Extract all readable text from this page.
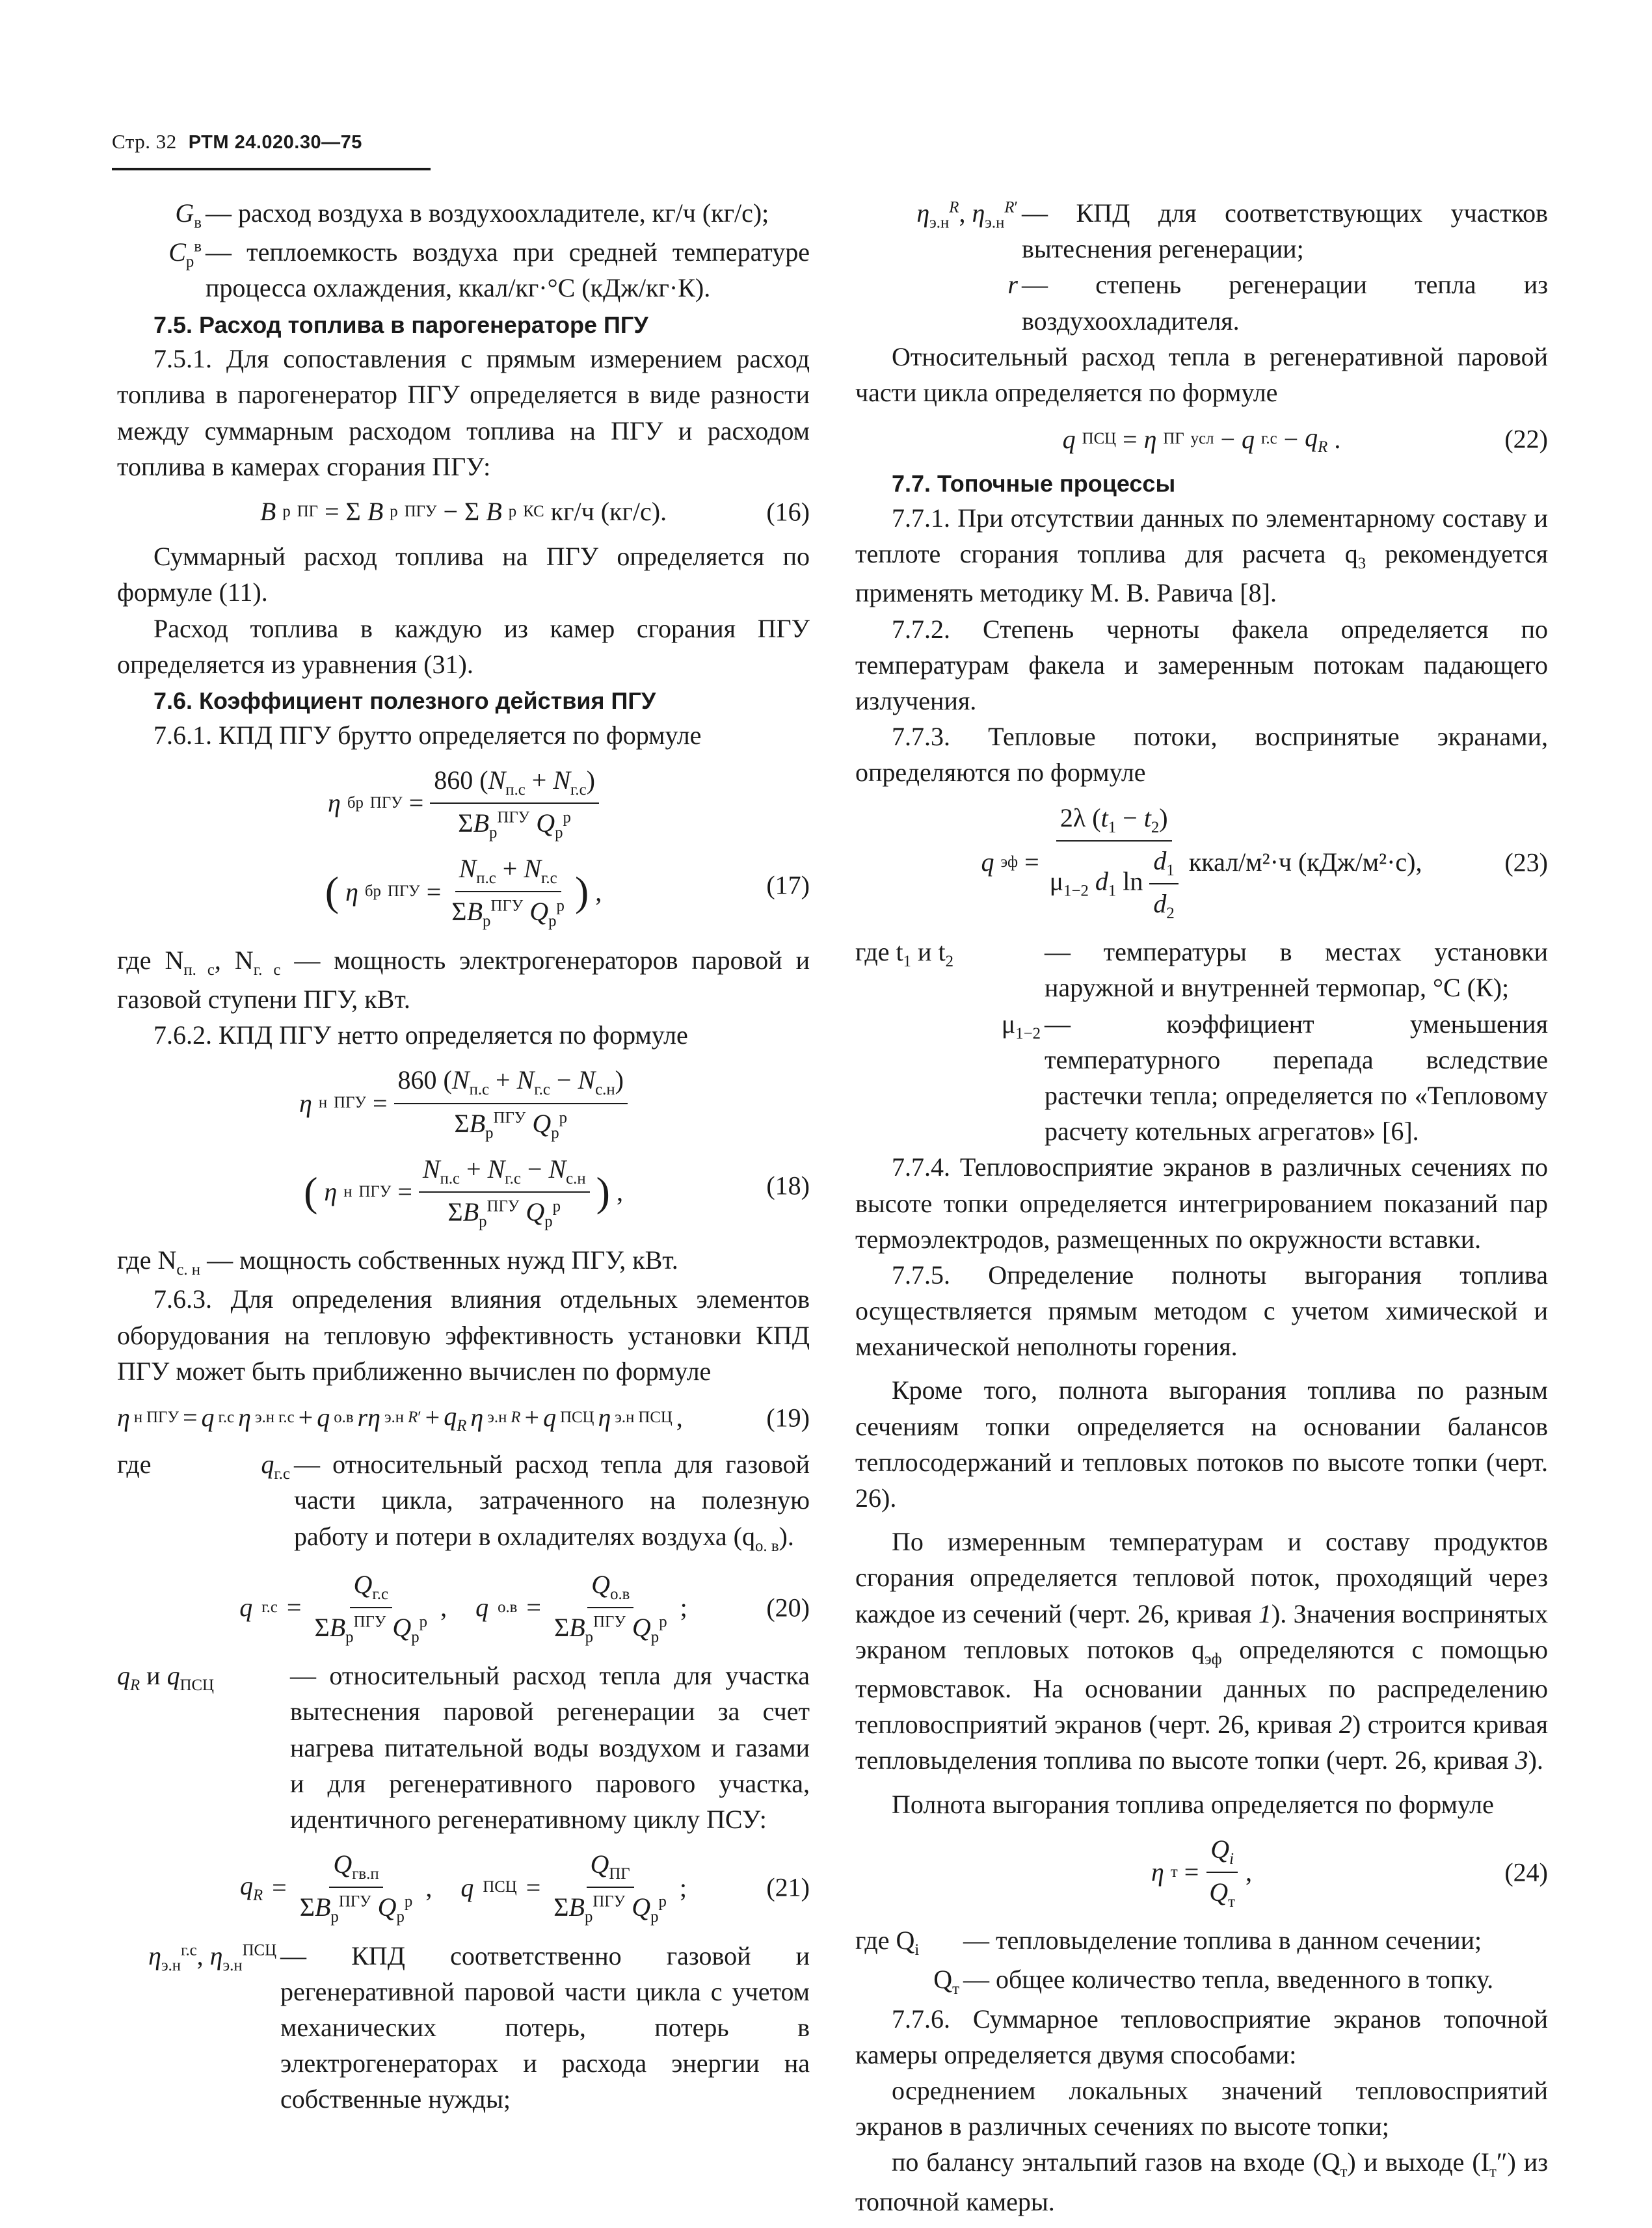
Стр. 32 РТМ 24.020.30—75
$G_в$ — расход воздуха в воздухоохладителе, кг/ч (кг/с);
$C_p^в$ — теплоемкость воздуха при средней температуре процесса охлаждения, ккал/кг·°С (кДж/кг·К).

7.5. Расход топлива в парогенераторе ПГУ

7.5.1. Для сопоставления с прямым измерением расход топлива в парогенератор ПГУ определяется в виде разности между суммарным расходом топлива на ПГУ и расходом топлива в камерах сгорания ПГУ:

B р ПГ = Σ B р ПГУ − Σ B р КС кг/ч (кг/с).	(16)

Суммарный расход топлива на ПГУ определяется по формуле (11).

Расход топлива в каждую из камер сгорания ПГУ определяется из уравнения (31).

7.6. Коэффициент полезного действия ПГУ

7.6.1. КПД ПГУ брутто определяется по формуле

η бр ПГУ = $\frac{860 (N_{п.с} + N_{г.с})}{\Sigma B_р^{ПГУ} Q_р^р}$
( η бр ПГУ = $\frac{N_{п.с} + N_{г.с}}{\Sigma B_р^{ПГУ} Q_р^р}$ ) ,	(17)

где $N_{п. с}$, $N_{г. с}$ — мощность электрогенераторов паровой и газовой ступени ПГУ, кВт.

7.6.2. КПД ПГУ нетто определяется по формуле

η н ПГУ = $\frac{860 (N_{п.с} + N_{г.с} - N_{с.н})}{\Sigma B_р^{ПГУ} Q_р^р}$
( η н ПГУ = $\frac{N_{п.с} + N_{г.с} - N_{с.н}}{\Sigma B_р^{ПГУ} Q_р^р}$ ) ,	(18)

где $N_{с. н}$ — мощность собственных нужд ПГУ, кВт.

7.6.3. Для определения влияния отдельных элементов оборудования на тепловую эффективность установки КПД ПГУ может быть приближенно вычислен по формуле

η н ПГУ = q г.с η э.н г.с + q о.в rη э.н $R' + q_R$ η э.н R + q ПСЦ η э.н ПСЦ ,	(19)
где	$q_{г.с}$ — относительный расход тепла для газовой части цикла, затраченного на полезную работу и потери в охладителях воздуха $(q_{о. в})$.
q $г.с = \frac{Q_{г.с}}{\Sigma B_р^{ПГУ} Q_р^р}$ , q $о.в = \frac{Q_{о.в}}{\Sigma B_р^{ПГУ} Q_р^р}$ ;	(20)
$q_R$ и $q_{ПСЦ}$	— относительный расход тепла для участка вытеснения паровой регенерации за счет нагрева питательной воды воздухом и газами и для регенеративного парового участка, идентичного регенеративному циклу ПСУ:
$q_R = \frac{Q_{гв.п}}{\Sigma B_р^{ПГУ} Q_р^р}$ , q ПСЦ = $\frac{Q_{ПГ}}{\Sigma B_р^{ПГУ} Q_р^р}$ ;	(21)
$\eta_{э.н}^{г.с}$, $\eta_{э.н}^{ПСЦ}$ — КПД соответственно газовой и регенеративной паровой части цикла с учетом механических потерь, потерь в электрогенераторах и расхода энергии на собственные нужды;
$\eta_{э.н}^R$, $\eta_{э.н}^{R'}$ — КПД для соответствующих участков вытеснения регенерации;
r — степень регенерации тепла из воздухоохладителя.

Относительный расход тепла в регенеративной паровой части цикла определяется по формуле

q ПСЦ = η ПГ усл − q $г.с - q_R$ .	(22)

7.7. Топочные процессы

7.7.1. При отсутствии данных по элементарному составу и теплоте сгорания топлива для расчета $q_3$ рекомендуется применять методику М. В. Равича [8].

7.7.2. Степень черноты факела определяется по температурам факела и замеренным потокам падающего излучения.

7.7.3. Тепловые потоки, воспринятые экранами, определяются по формуле

q эф = $\frac{2\lambda (t_1 - t_2)}{\mu_{1-2} d_1 \ln \frac{d_1}{d_2}}$ ккал/м²·ч (кДж/м²·с),	(23)
где $t_1$ и $t_2$	— температуры в местах установки наружной и внутренней термопар, °С (К);
$\mu_{1-2}$ — коэффициент уменьшения температурного перепада вследствие растечки тепла; определяется по «Тепловому расчету котельных агрегатов» [6].

7.7.4. Тепловосприятие экранов в различных сечениях по высоте топки определяется интегрированием показаний пар термоэлектродов, размещенных по окружности вставки.

7.7.5. Определение полноты выгорания топлива осуществляется прямым методом с учетом химической и механической неполноты горения.

Кроме того, полнота выгорания топлива по разным сечениям топки определяется на основании балансов теплосодержаний и тепловых потоков по высоте топки (черт. 26).

По измеренным температурам и составу продуктов сгорания определяется тепловой поток, проходящий через каждое из сечений (черт. 26, кривая 1). Значения воспринятых экраном тепловых потоков $q_{эф}$ определяются с помощью термовставок. На основании данных по распределению тепловосприятий экранов (черт. 26, кривая 2) строится кривая тепловыделения топлива по высоте топки (черт. 26, кривая 3).

Полнота выгорания топлива определяется по формуле

η $т = \frac{Q_i}{Q_т}$ ,	(24)
где $Q_i$	— тепловыделение топлива в данном сечении;
$Q_т$ — общее количество тепла, введенного в топку.

7.7.6. Суммарное тепловосприятие экранов топочной камеры определяется двумя способами:

осреднением локальных значений тепловосприятий экранов в различных сечениях по высоте топки;

по балансу энтальпий газов на входе $(Q_т)$ и выходе $(I_т'')$ из топочной камеры.
